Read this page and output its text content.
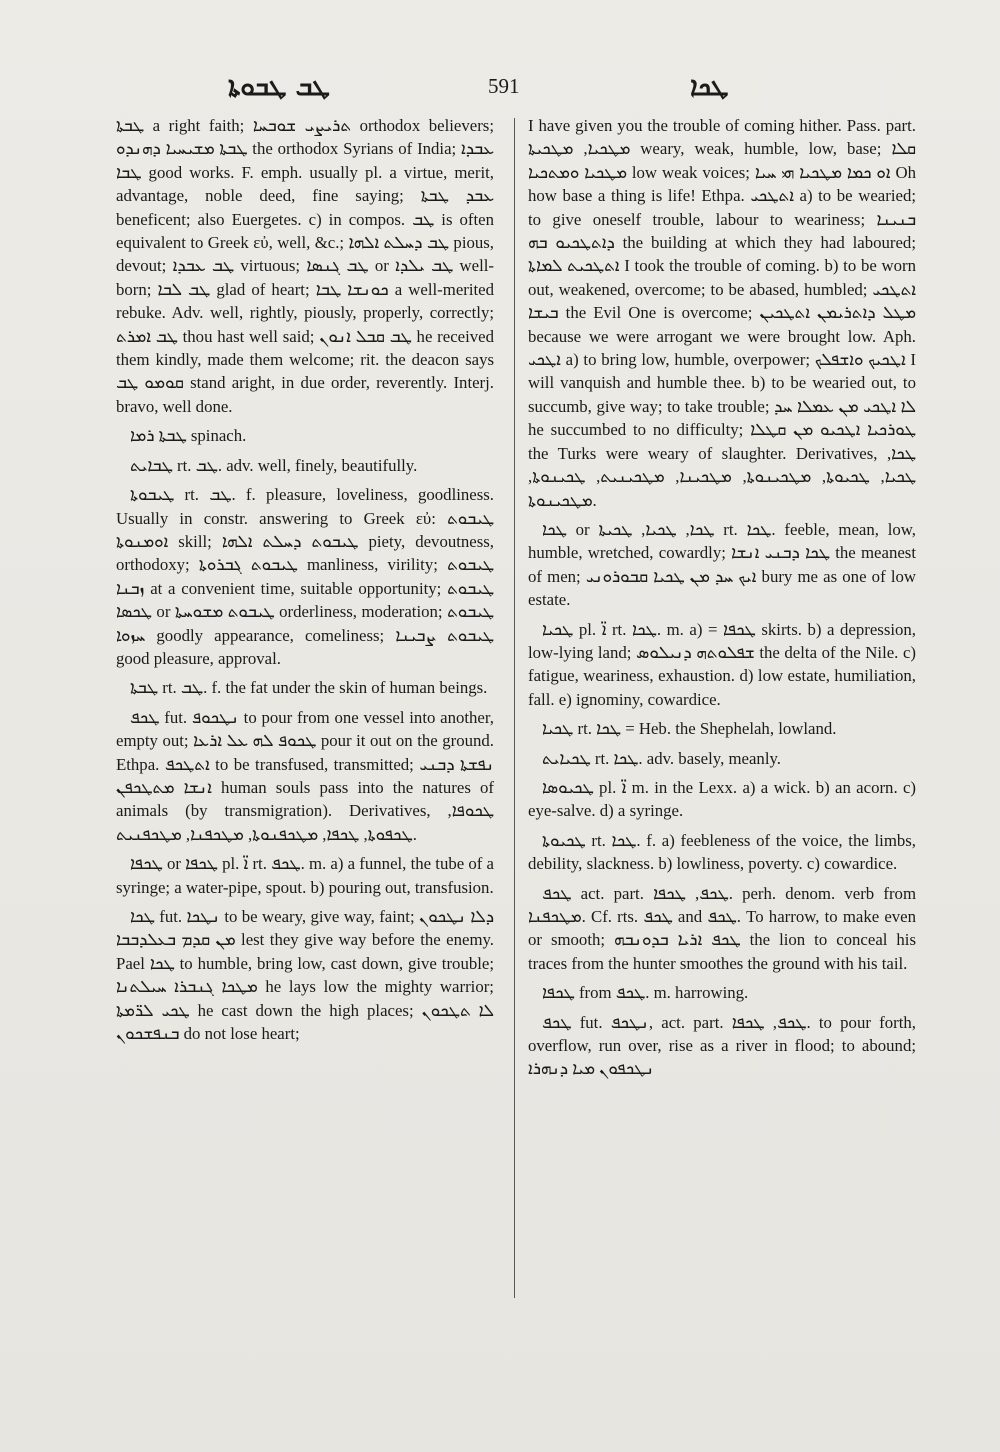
ܛܒ ܛܒܘܬܐ	591	ܛܟܐ

ܛܒܬܐ a right faith; ܬܪܝܨܝ ܫܘܒܚܐ orthodox believers; ܛܒܬܐ ܡܫܝܚܝܐ ܕܗܢܕܘ the orthodox Syrians of India; ܥܒܕܐ ܛܒܐ good works. F. emph. usually pl. a virtue, merit, advantage, noble deed, fine saying; ܥܒܕ ܛܒܬܐ beneficent; also Euergetes. c) in compos. ܛܒ is often equivalent to Greek εὐ, well, &c.; ܛܒ ܕܚܠܬ ܐܠܗܐ pious, devout; ܛܒ ܥܒܕܐ virtuous; ܛܒ ܓܢܣܐ or ܛܒ ܝܠܕܐ well-born; ܛܒ ܠܒܐ glad of heart; ܟܘܢܫܐ ܛܒܐ a well-merited rebuke. Adv. well, rightly, piously, properly, correctly; ܛܒ ܐܡܪܬ thou hast well said; ܛܒ ܩܒܠ ܐܢܘܢ he received them kindly, made them welcome; rit. the deacon says ܩܘܡܘ ܛܒ stand aright, in due order, reverently. Interj. bravo, well done.

ܛܒܬܐ ܪܡܐ spinach.

ܛܒܐܝܬ rt. ܛܒ. adv. well, finely, beautifully.

ܛܝܒܘܬܐ rt. ܛܒ. f. pleasure, loveliness, goodliness. Usually in constr. answering to Greek εὐ: ܛܝܒܘܬ ܐܘܡܢܘܬܐ skill; ܛܝܒܘܬ ܕܚܠܬ ܐܠܗܐ piety, devoutness, orthodoxy; ܛܝܒܘܬ ܓܒܪܘܬܐ manliness, virility; ܛܝܒܘܬ ܙܒܢܐ at a convenient time, suitable opportunity; ܛܝܒܘܬ ܛܟܣܐ or ܛܝܒܘܬ ܡܫܘܚܬܐ orderliness, moderation; ܛܝܒܘܬ ܚܙܘܐ goodly appearance, comeliness; ܛܝܒܘܬ ܨܒܝܢܐ good pleasure, approval.

ܛܒܬܐ rt. ܛܒ. f. the fat under the skin of human beings.

ܛܟܦ fut. ܢܛܟܘܦ to pour from one vessel into another, empty out; ܛܟܘܦ ܠܗ ܥܠ ܐܪܥܐ pour it out on the ground. Ethpa. ܐܬܛܟܦ to be transfused, transmitted; ܢܦܫܬܐ ܕܒܢܝ ܐܢܫܐ ܡܬܛܟܦܢ human souls pass into the natures of animals (by transmigration). Derivatives, ܛܟܘܦܐ, ܛܟܦܘܬܐ, ܛܟܦܐ, ܡܛܟܦܢܘܬܐ, ܡܛܟܦܢܐ, ܡܛܟܦܢܝܬ.

ܛܟܦܐ or ܛܟܦܐ pl. ܐ̈ rt. ܛܟܦ. m. a) a funnel, the tube of a syringe; a water-pipe, spout. b) pouring out, transfusion.

ܛܟܐ fut. ܢܛܟܐ to be weary, give way, faint; ܕܠܐ ܢܛܟܘܢ ܡܢ ܩܕܡ ܒܥܠܕܒܒܐ lest they give way before the enemy. Pael ܛܟܐ to humble, bring low, cast down, give trouble; ܡܛܟܐ ܓܢܒܪܐ ܚܝܠܬܢܐ he lays low the mighty warrior; ܛܟܝ ܠܪ̈ܡܬܐ he cast down the high places; ܠܐ ܬܛܟܘܢ ܒܢܦܫܟܘܢ do not lose heart;

I have given you the trouble of coming hither. Pass. part. ܡܛܟܝܐ, ܡܛܟܝܬܐ weary, weak, humble, low, base; ܩܠܐ ܡܛܟܝܐ ܘܡܬܟܝܐ low weak voices; ܐܘ ܟܡܐ ܡܛܟܝܐ ܗܝ ܚܝܐ Oh how base a thing is life! Ethpa. ܐܬܛܟܝ a) to be wearied; to give oneself trouble, labour to weariness; ܒܢܝܢܐ ܕܐܬܛܟܝܘ ܒܗ the building at which they had laboured; ܐܬܛܟܝܬ ܠܡܐܬܐ I took the trouble of coming. b) to be worn out, weakened, overcome; to be abased, humbled; ܐܬܛܟܝ ܒܝܫܐ the Evil One is overcome; ܡܛܠ ܕܐܬܪܝܡܢ ܐܬܛܟܝܢ because we were arrogant we were brought low. Aph. ܐܛܟܝ a) to bring low, humble, overpower; ܐܛܟܝܟ ܘܐܫܦܠܟ I will vanquish and humble thee. b) to be wearied out, to succumb, give way; to take trouble; ܠܐ ܐܛܟܝ ܡܢ ܥܡܠܐ ܚܕ he succumbed to no difficulty; ܛܘܪܟܝܐ ܐܛܟܝܘ ܡܢ ܩܛܠܐ the Turks were weary of slaughter. Derivatives, ܛܟܐ, ܛܟܝܐ, ܛܟܝܘܬܐ, ܡܛܟܝܢܘܬܐ, ܡܛܟܝܢܐ, ܡܛܟܝܢܝܬ, ܛܟܝܢܘܬܐ, ܡܛܟܝܢܘܬܐ.

ܛܟܐ or ܛܟܐ, ܛܟܝܐ, ܛܟܝܬܐ rt. ܛܟܐ. feeble, mean, low, humble, wretched, cowardly; ܛܟܐ ܕܒܢܝ ܐܢܫܐ the meanest of men; ܐܝܟ ܚܕ ܡܢ ܛܟܝܐ ܩܒܘܪܘܢܝ bury me as one of low estate.

ܛܟܝܐ pl. ܐ̈ rt. ܛܟܐ. m. a) = ܛܟܦܐ skirts. b) a depression, low-lying land; ܫܦܠܘܬܗ ܕܢܝܠܘܣ the delta of the Nile. c) fatigue, weariness, exhaustion. d) low estate, humiliation, fall. e) ignominy, cowardice.

ܛܟܝܐ rt. ܛܟܐ = Heb. the Shephelah, lowland.

ܛܟܝܐܝܬ rt. ܛܟܐ. adv. basely, meanly.

ܛܟܝܘܣܐ pl. ܐ̈ m. in the Lexx. a) a wick. b) an acorn. c) eye-salve. d) a syringe.

ܛܟܝܘܬܐ rt. ܛܟܐ. f. a) feebleness of the voice, the limbs, debility, slackness. b) lowliness, poverty. c) cowardice.

ܛܟܦ act. part. ܛܟܦ, ܛܟܦܐ. perh. denom. verb from ܡܛܟܦܢܐ. Cf. rts. ܛܟܦ and ܛܟܦ. To harrow, to make even or smooth; ܛܟܦ ܐܪܝܐ ܒܕܘܢܒܗ the lion to conceal his traces from the hunter smoothes the ground with his tail.

ܛܟܦܐ from ܛܟܦ. m. harrowing.

ܛܟܦ fut. ܢܛܟܦ, act. part. ܛܟܦ, ܛܟܦܐ. to pour forth, overflow, run over, rise as a river in flood; to abound; ܢܛܟܦܘܢ ܡܝܐ ܕܢܗܪܐ
